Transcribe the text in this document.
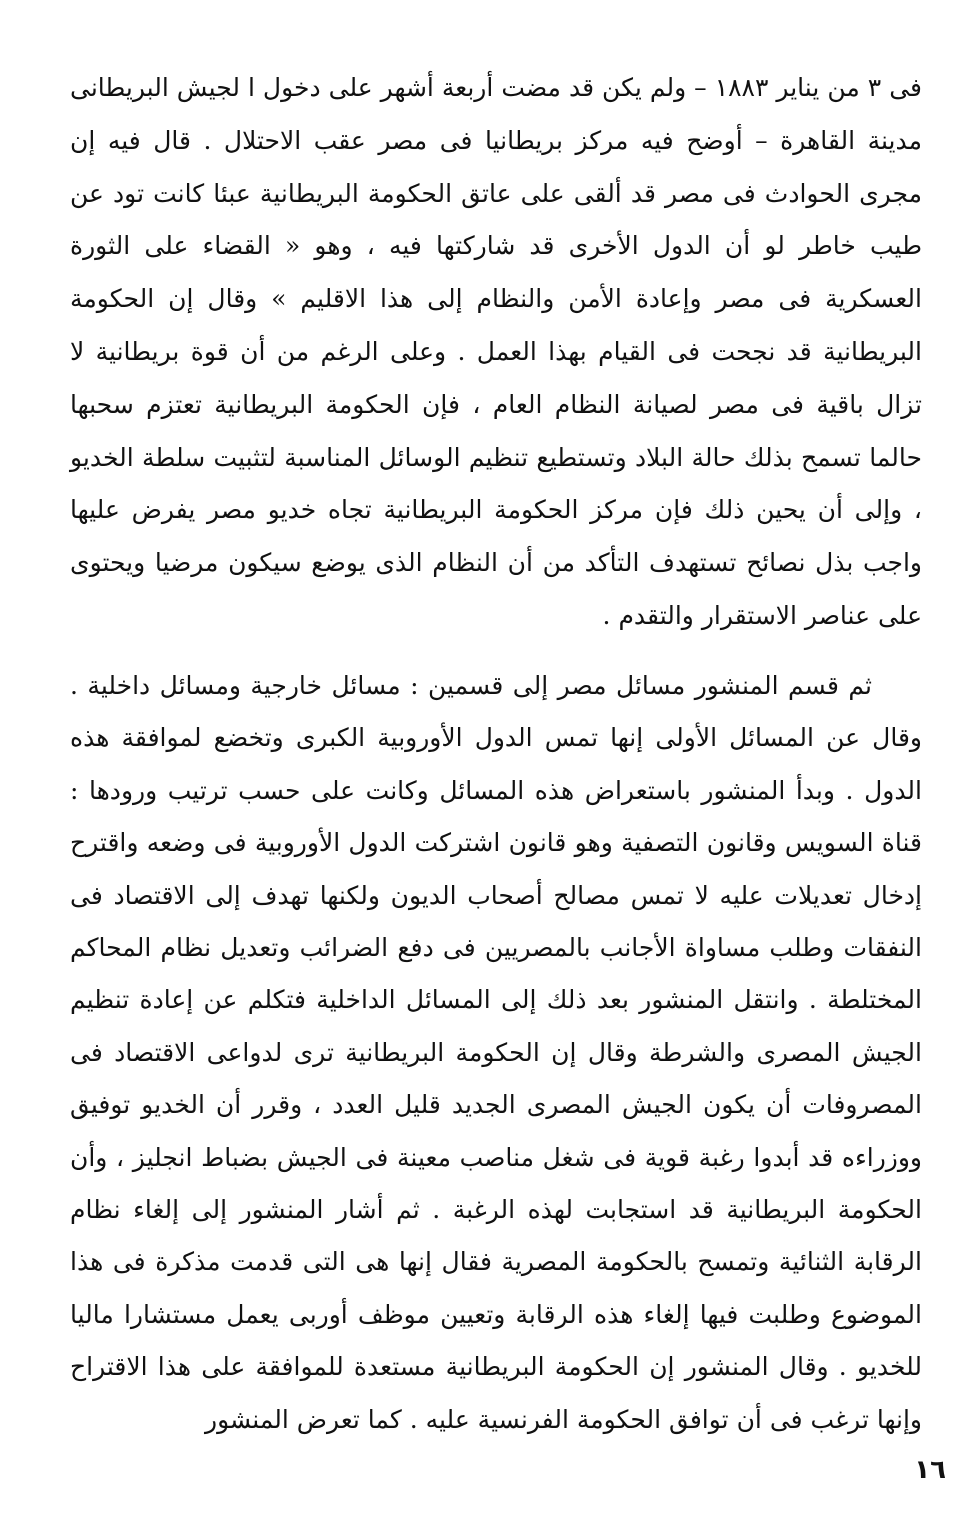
فى ٣ من يناير ١٨٨٣ – ولم يكن قد مضت أربعة أشهر على دخول ا لجيش البريطانى مدينة القاهرة – أوضح فيه مركز بريطانيا فى مصر عقب الاحتلال . قال فيه إن مجرى الحوادث فى مصر قد ألقى على عاتق الحكومة البريطانية عبئا كانت تود عن طيب خاطر لو أن الدول الأخرى قد شاركتها فيه ، وهو « القضاء على الثورة العسكرية فى مصر وإعادة الأمن والنظام إلى هذا الاقليم » وقال إن الحكومة البريطانية قد نجحت فى القيام بهذا العمل . وعلى الرغم من أن قوة بريطانية لا تزال باقية فى مصر لصيانة النظام العام ، فإن الحكومة البريطانية تعتزم سحبها حالما تسمح بذلك حالة البلاد وتستطيع تنظيم الوسائل المناسبة لتثبيت سلطة الخديو ، وإلى أن يحين ذلك فإن مركز الحكومة البريطانية تجاه خديو مصر يفرض عليها واجب بذل نصائح تستهدف التأكد من أن النظام الذى يوضع سيكون مرضيا ويحتوى على عناصر الاستقرار والتقدم .

ثم قسم المنشور مسائل مصر إلى قسمين : مسائل خارجية ومسائل داخلية . وقال عن المسائل الأولى إنها تمس الدول الأوروبية الكبرى وتخضع لموافقة هذه الدول . وبدأ المنشور باستعراض هذه المسائل وكانت على حسب ترتيب ورودها : قناة السويس وقانون التصفية وهو قانون اشتركت الدول الأوروبية فى وضعه واقترح إدخال تعديلات عليه لا تمس مصالح أصحاب الديون ولكنها تهدف إلى الاقتصاد فى النفقات وطلب مساواة الأجانب بالمصريين فى دفع الضرائب وتعديل نظام المحاكم المختلطة . وانتقل المنشور بعد ذلك إلى المسائل الداخلية فتكلم عن إعادة تنظيم الجيش المصرى والشرطة وقال إن الحكومة البريطانية ترى لدواعى الاقتصاد فى المصروفات أن يكون الجيش المصرى الجديد قليل العدد ، وقرر أن الخديو توفيق ووزراءه قد أبدوا رغبة قوية فى شغل مناصب معينة فى الجيش بضباط انجليز ، وأن الحكومة البريطانية قد استجابت لهذه الرغبة . ثم أشار المنشور إلى إلغاء نظام الرقابة الثنائية وتمسح بالحكومة المصرية فقال إنها هى التى قدمت مذكرة فى هذا الموضوع وطلبت فيها إلغاء هذه الرقابة وتعيين موظف أوربى يعمل مستشارا ماليا للخديو . وقال المنشور إن الحكومة البريطانية مستعدة للموافقة على هذا الاقتراح وإنها ترغب فى أن توافق الحكومة الفرنسية عليه . كما تعرض المنشور

١٦
